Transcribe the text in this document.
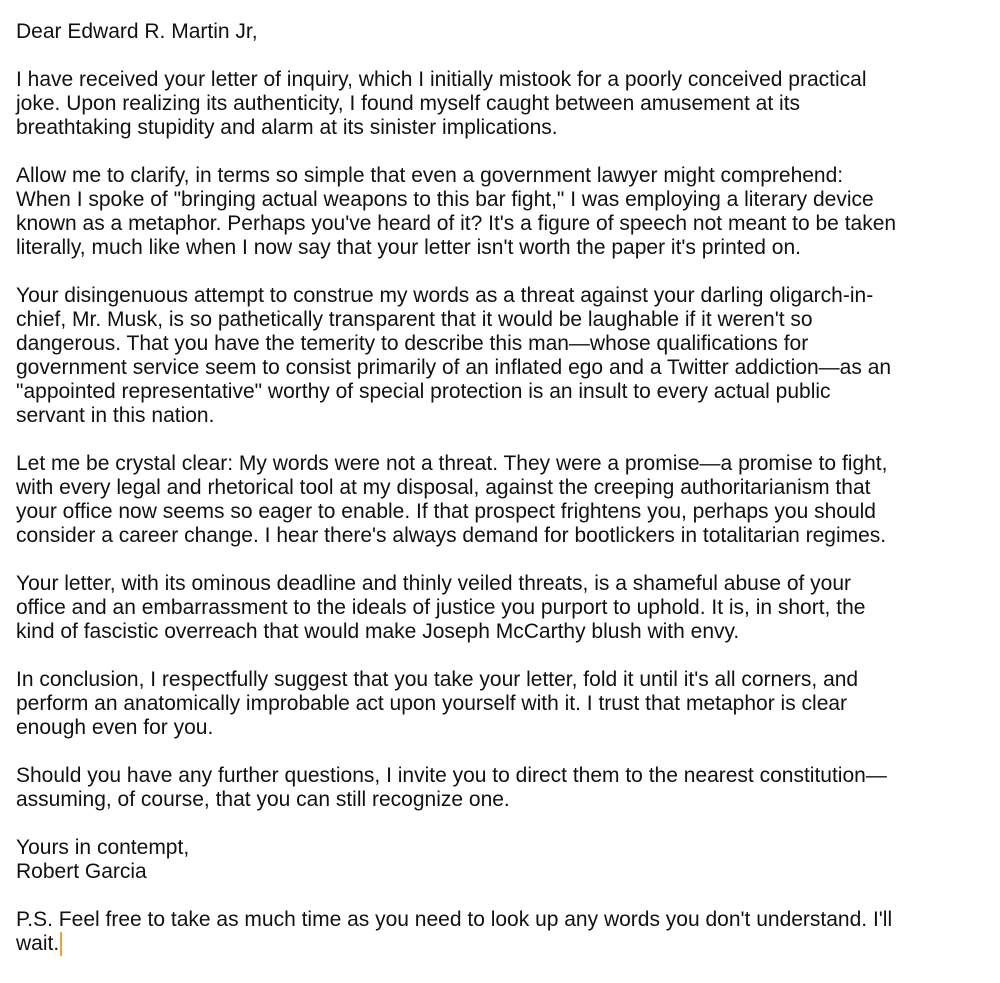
Dear Edward R. Martin Jr,

I have received your letter of inquiry, which I initially mistook for a poorly conceived practical
joke. Upon realizing its authenticity, I found myself caught between amusement at its
breathtaking stupidity and alarm at its sinister implications.

Allow me to clarify, in terms so simple that even a government lawyer might comprehend:
When I spoke of "bringing actual weapons to this bar fight," I was employing a literary device
known as a metaphor. Perhaps you've heard of it? It's a figure of speech not meant to be taken
literally, much like when I now say that your letter isn't worth the paper it's printed on.

Your disingenuous attempt to construe my words as a threat against your darling oligarch-in-
chief, Mr. Musk, is so pathetically transparent that it would be laughable if it weren't so
dangerous. That you have the temerity to describe this man—whose qualifications for
government service seem to consist primarily of an inflated ego and a Twitter addiction—as an
"appointed representative" worthy of special protection is an insult to every actual public
servant in this nation.

Let me be crystal clear: My words were not a threat. They were a promise—a promise to fight,
with every legal and rhetorical tool at my disposal, against the creeping authoritarianism that
your office now seems so eager to enable. If that prospect frightens you, perhaps you should
consider a career change. I hear there's always demand for bootlickers in totalitarian regimes.

Your letter, with its ominous deadline and thinly veiled threats, is a shameful abuse of your
office and an embarrassment to the ideals of justice you purport to uphold. It is, in short, the
kind of fascistic overreach that would make Joseph McCarthy blush with envy.

In conclusion, I respectfully suggest that you take your letter, fold it until it's all corners, and
perform an anatomically improbable act upon yourself with it. I trust that metaphor is clear
enough even for you.

Should you have any further questions, I invite you to direct them to the nearest constitution—
assuming, of course, that you can still recognize one.

Yours in contempt,
Robert Garcia

P.S. Feel free to take as much time as you need to look up any words you don't understand. I'll
wait.
